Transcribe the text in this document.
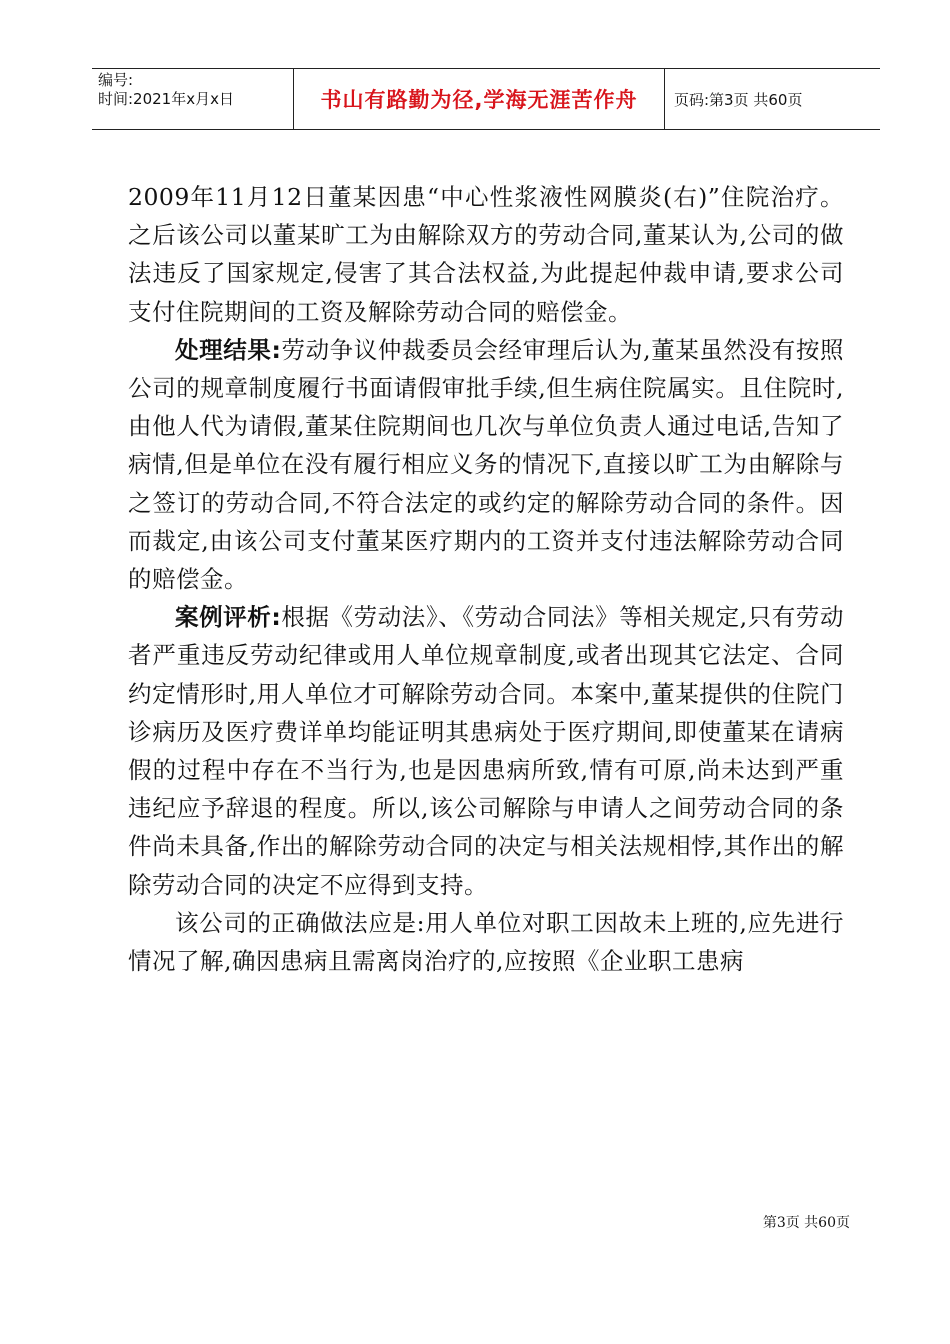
编号:
时间:2021年x月x日	书山有路勤为径,学海无涯苦作舟	页码:第3页 共60页

2009年11月12日董某因患“中心性浆液性网膜炎(右)”住院治疗。之后该公司以董某旷工为由解除双方的劳动合同,董某认为,公司的做法违反了国家规定,侵害了其合法权益,为此提起仲裁申请,要求公司支付住院期间的工资及解除劳动合同的赔偿金。

处理结果:劳动争议仲裁委员会经审理后认为,董某虽然没有按照公司的规章制度履行书面请假审批手续,但生病住院属实。且住院时,由他人代为请假,董某住院期间也几次与单位负责人通过电话,告知了病情,但是单位在没有履行相应义务的情况下,直接以旷工为由解除与之签订的劳动合同,不符合法定的或约定的解除劳动合同的条件。因而裁定,由该公司支付董某医疗期内的工资并支付违法解除劳动合同的赔偿金。

案例评析:根据《劳动法》、《劳动合同法》等相关规定,只有劳动者严重违反劳动纪律或用人单位规章制度,或者出现其它法定、合同约定情形时,用人单位才可解除劳动合同。本案中,董某提供的住院门诊病历及医疗费详单均能证明其患病处于医疗期间,即使董某在请病假的过程中存在不当行为,也是因患病所致,情有可原,尚未达到严重违纪应予辞退的程度。所以,该公司解除与申请人之间劳动合同的条件尚未具备,作出的解除劳动合同的决定与相关法规相悖,其作出的解除劳动合同的决定不应得到支持。

该公司的正确做法应是:用人单位对职工因故未上班的,应先进行情况了解,确因患病且需离岗治疗的,应按照《企业职工患病

第3页 共60页
